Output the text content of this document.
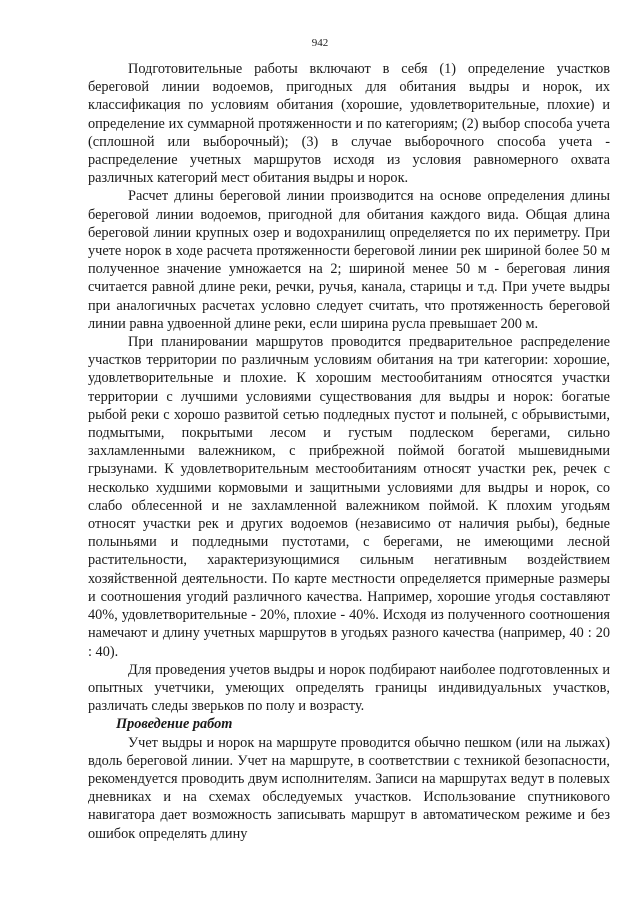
942

Подготовительные работы включают в себя (1) определение участков береговой линии водоемов, пригодных для обитания выдры и норок, их классификация по условиям обитания (хорошие, удовлетворительные, плохие) и определение их суммарной протяженности и по категориям; (2) выбор способа учета (сплошной или выборочный); (3) в случае выборочного способа учета - распределение учетных маршрутов исходя из условия равномерного охвата различных категорий мест обитания выдры и норок.

Расчет длины береговой линии производится на основе определения длины береговой линии водоемов, пригодной для обитания каждого вида. Общая длина береговой линии крупных озер и водохранилищ определяется по их периметру. При учете норок в ходе расчета протяженности береговой линии рек шириной более 50 м полученное значение умножается на 2; шириной менее 50 м - береговая линия считается равной длине реки, речки, ручья, канала, старицы и т.д. При учете выдры при аналогичных расчетах условно следует считать, что протяженность береговой линии равна удвоенной длине реки, если ширина русла превышает 200 м.

При планировании маршрутов проводится предварительное распределение участков территории по различным условиям обитания на три категории: хорошие, удовлетворительные и плохие. К хорошим местообитаниям относятся участки территории с лучшими условиями существования для выдры и норок: богатые рыбой реки с хорошо развитой сетью подледных пустот и полыней, с обрывистыми, подмытыми, покрытыми лесом и густым подлеском берегами, сильно захламленными валежником, с прибрежной поймой богатой мышевидными грызунами. К удовлетворительным местообитаниям относят участки рек, речек с несколько худшими кормовыми и защитными условиями для выдры и норок, со слабо облесенной и не захламленной валежником поймой. К плохим угодьям относят участки рек и других водоемов (независимо от наличия рыбы), бедные полыньями и подледными пустотами, с берегами, не имеющими лесной растительности, характеризующимися сильным негативным воздействием хозяйственной деятельности. По карте местности определяется примерные размеры и соотношения угодий различного качества. Например, хорошие угодья составляют 40%, удовлетворительные - 20%, плохие - 40%. Исходя из полученного соотношения намечают и длину учетных маршрутов в угодьях разного качества (например, 40 : 20 : 40).

Для проведения учетов выдры и норок подбирают наиболее подготовленных и опытных учетчики, умеющих определять границы индивидуальных участков, различать следы зверьков по полу и возрасту.

Проведение работ

Учет выдры и норок на маршруте проводится обычно пешком (или на лыжах) вдоль береговой линии. Учет на маршруте, в соответствии с техникой безопасности, рекомендуется проводить двум исполнителям. Записи на маршрутах ведут в полевых дневниках и на схемах обследуемых участков. Использование спутникового навигатора дает возможность записывать маршрут в автоматическом режиме и без ошибок определять длину
